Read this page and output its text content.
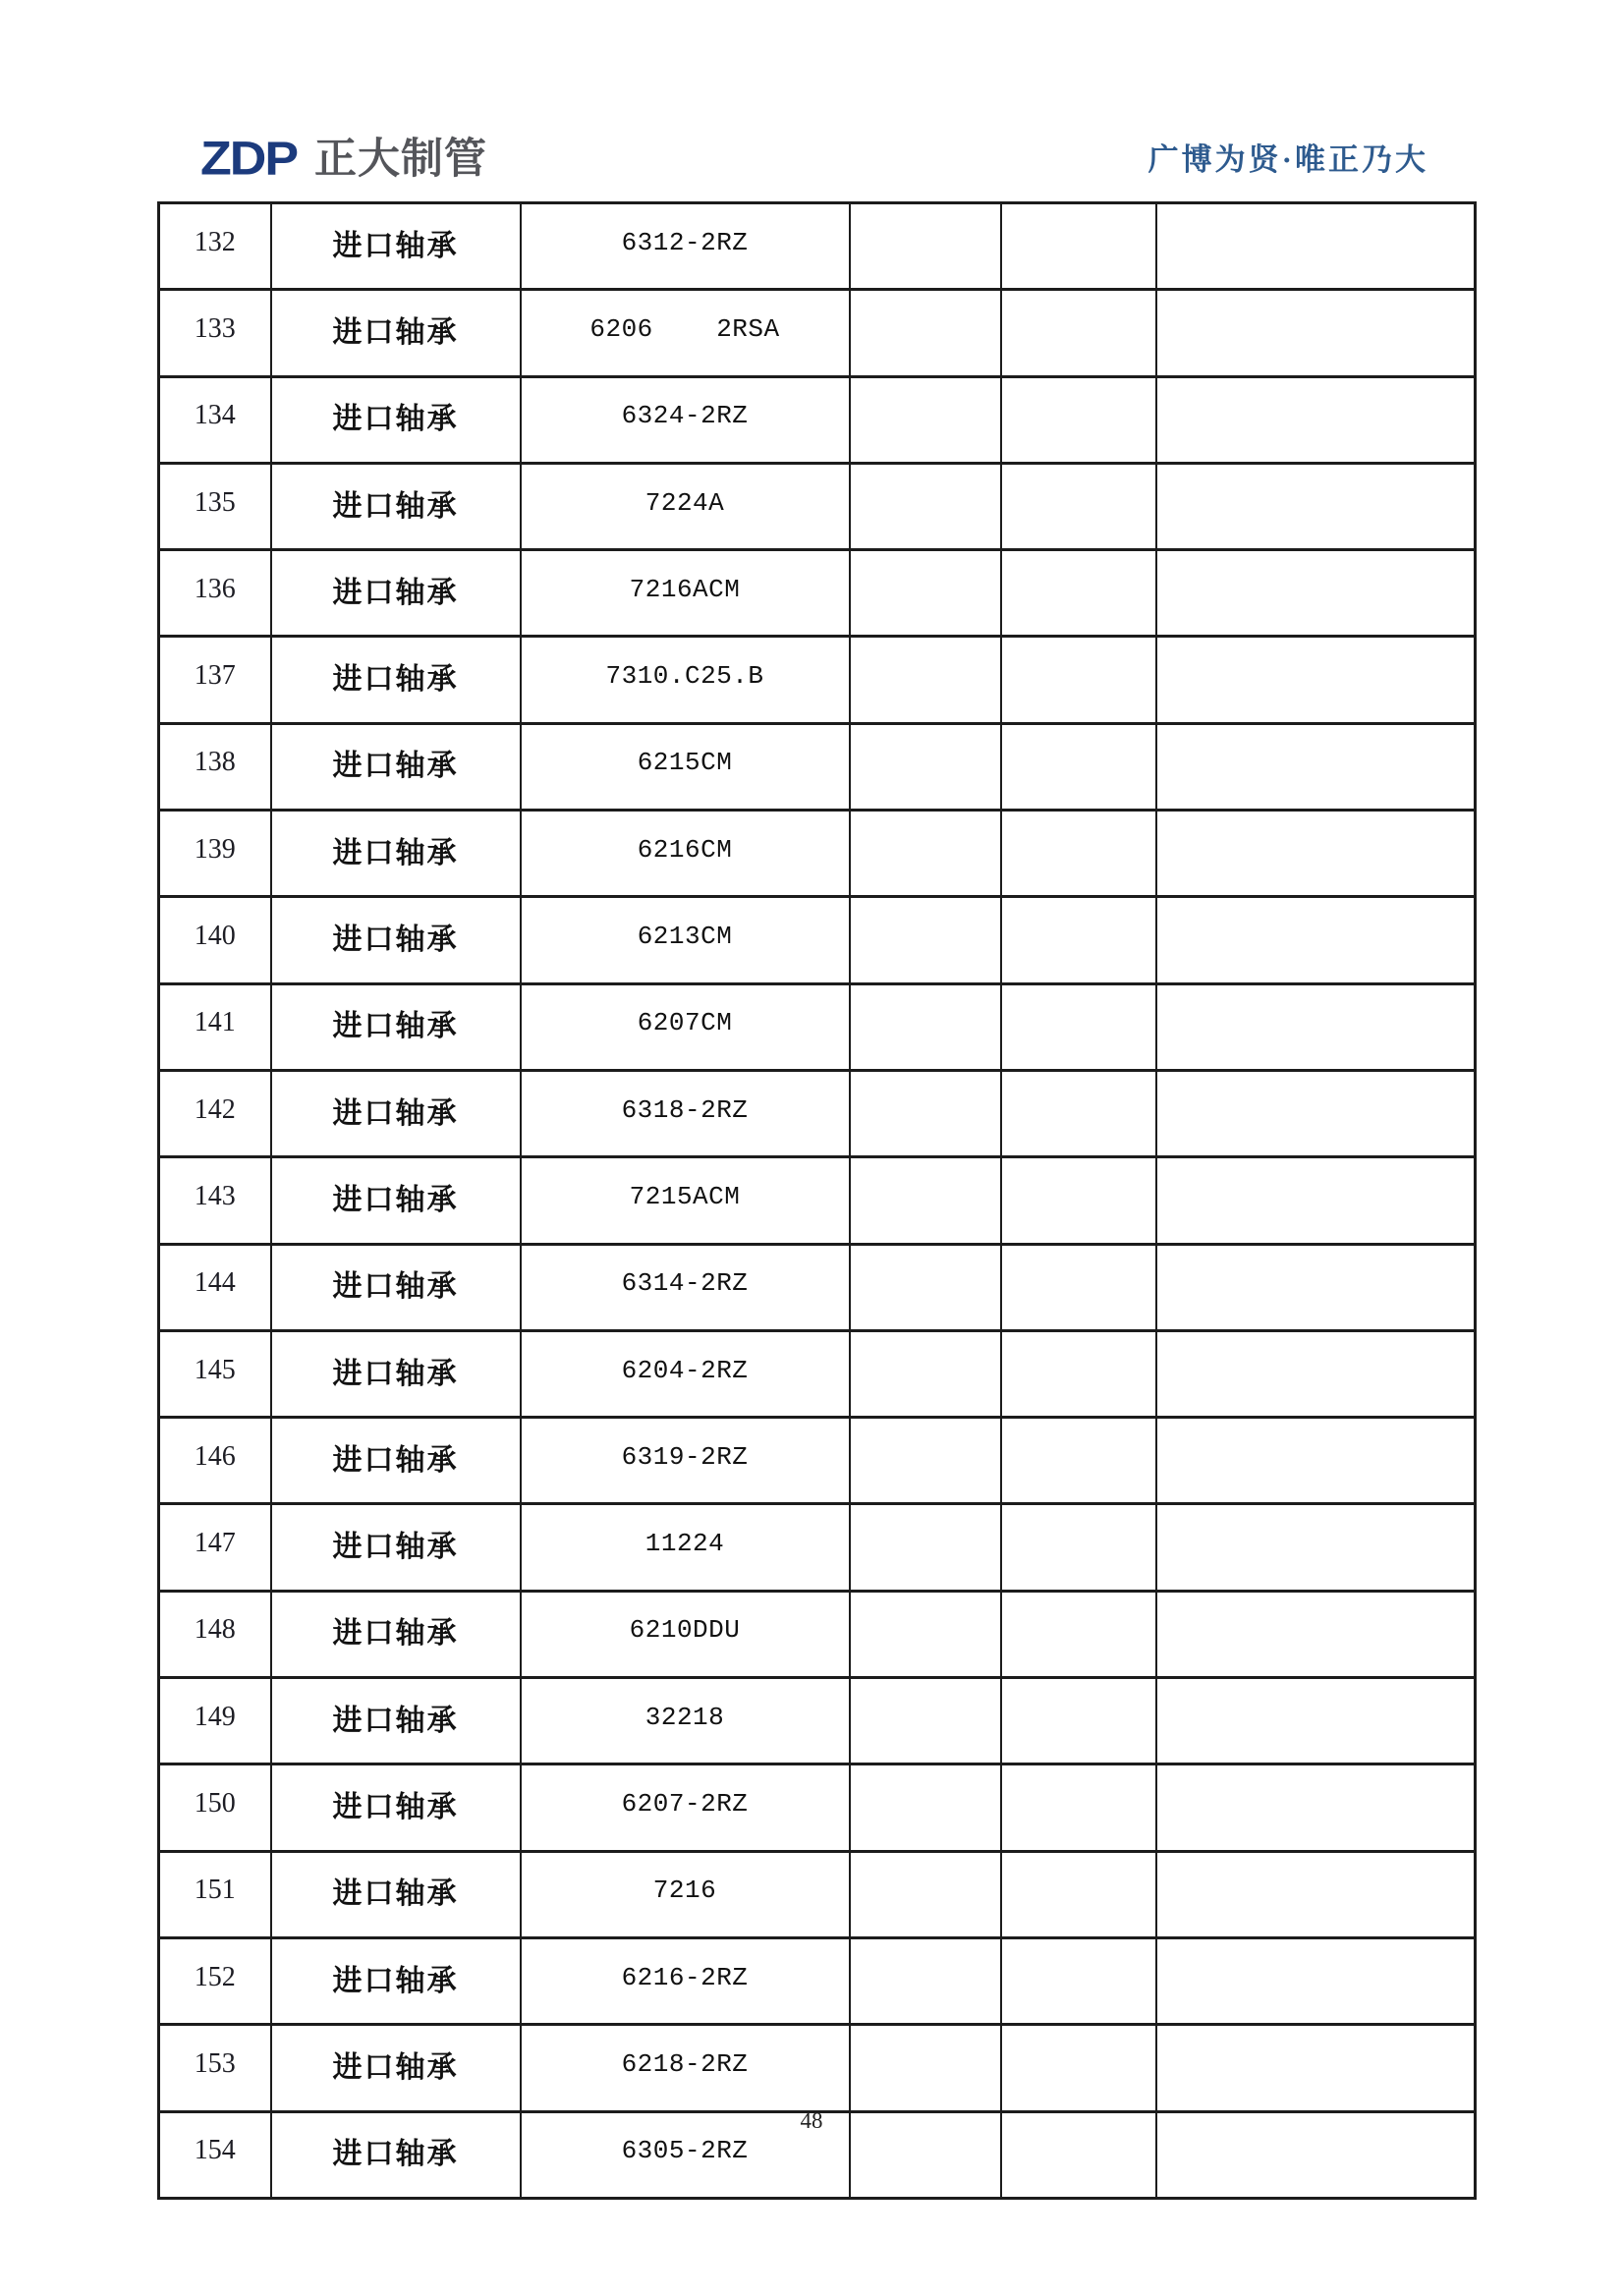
ZDP 正大制管	广博为贤·唯正乃大
132	进口轴承	6312-2RZ			
133	进口轴承	6206    2RSA			
134	进口轴承	6324-2RZ			
135	进口轴承	7224A			
136	进口轴承	7216ACM			
137	进口轴承	7310.C25.B			
138	进口轴承	6215CM			
139	进口轴承	6216CM			
140	进口轴承	6213CM			
141	进口轴承	6207CM			
142	进口轴承	6318-2RZ			
143	进口轴承	7215ACM			
144	进口轴承	6314-2RZ			
145	进口轴承	6204-2RZ			
146	进口轴承	6319-2RZ			
147	进口轴承	11224			
148	进口轴承	6210DDU			
149	进口轴承	32218			
150	进口轴承	6207-2RZ			
151	进口轴承	7216			
152	进口轴承	6216-2RZ			
153	进口轴承	6218-2RZ			
154	进口轴承	6305-2RZ			
48
